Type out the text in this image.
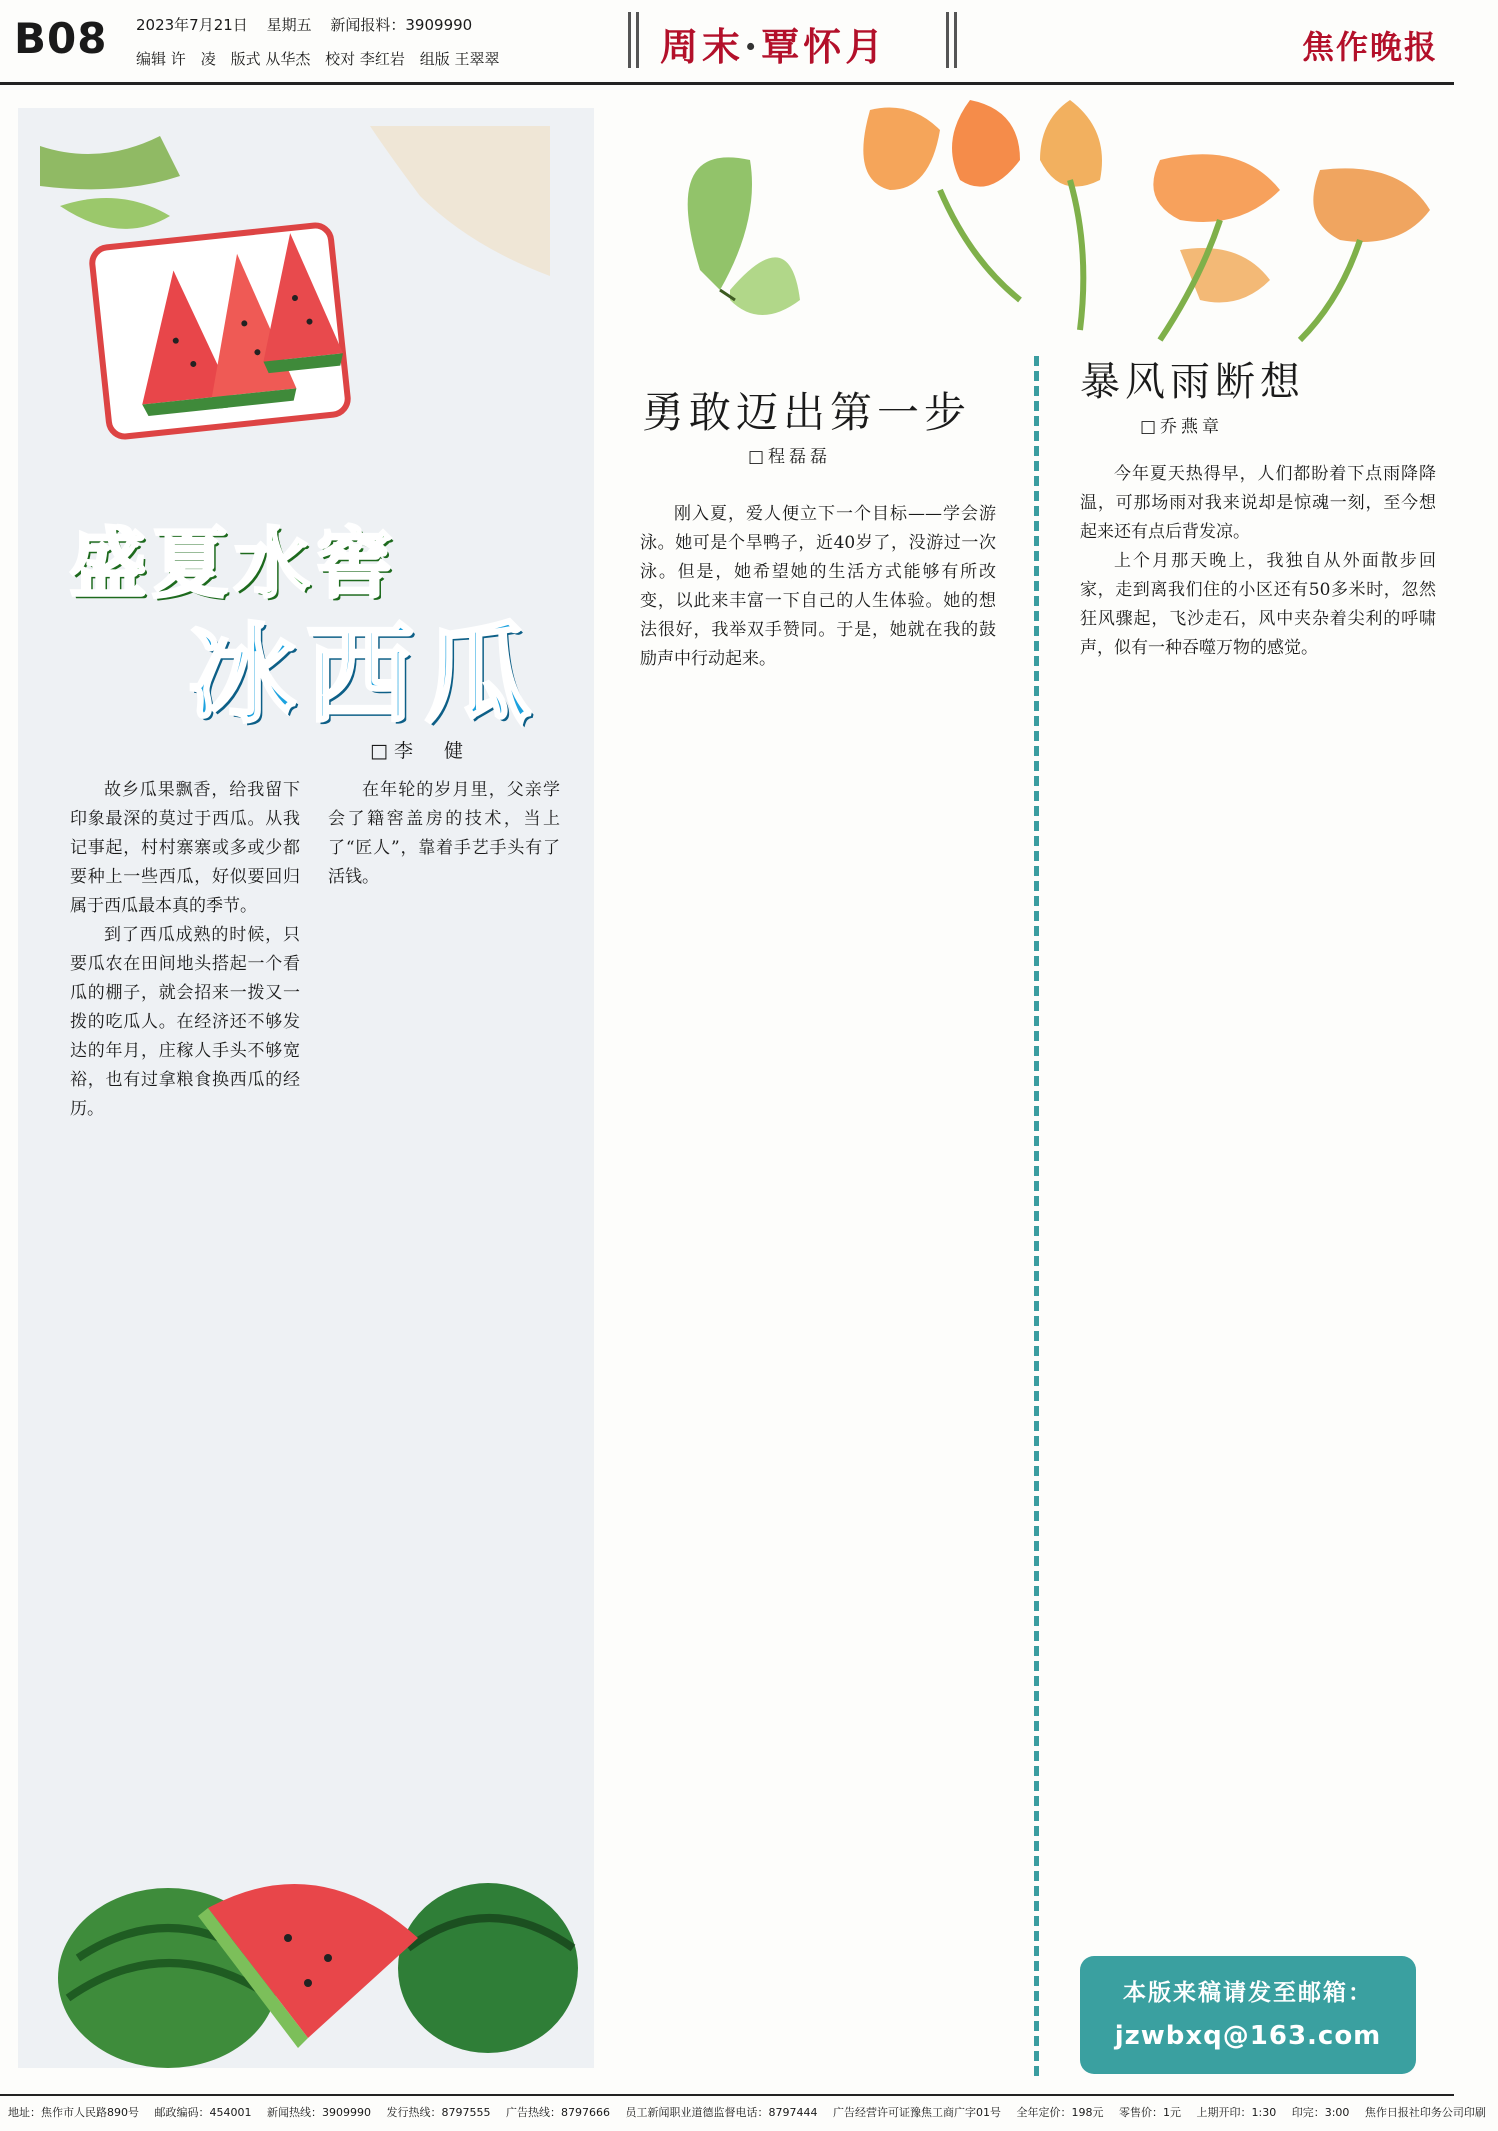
B08 2023年7月21日 星期五 新闻报料：3909990
编辑 许　凌 版式 从华杰 校对 李红岩 组版 王翠翠	周末·覃怀月	焦作晚报
盛夏水窖
冰西瓜
□李　健

故乡瓜果飘香，给我留下印象最深的莫过于西瓜。从我记事起，村村寨寨或多或少都要种上一些西瓜，好似要回归属于西瓜最本真的季节。

到了西瓜成熟的时候，只要瓜农在田间地头搭起一个看瓜的棚子，就会招来一拨又一拨的吃瓜人。在经济还不够发达的年月，庄稼人手头不够宽裕，也有过拿粮食换西瓜的经历。

在年轮的岁月里，父亲学会了籍窖盖房的技术，当上了“匠人”，靠着手艺手头有了活钱。

勇敢迈出第一步
□程磊磊

刚入夏，爱人便立下一个目标——学会游泳。她可是个旱鸭子，近40岁了，没游过一次泳。但是，她希望她的生活方式能够有所改变，以此来丰富一下自己的人生体验。她的想法很好，我举双手赞同。于是，她就在我的鼓励声中行动起来。

暴风雨断想
□乔燕章

今年夏天热得早，人们都盼着下点雨降降温，可那场雨对我来说却是惊魂一刻，至今想起来还有点后背发凉。

上个月那天晚上，我独自从外面散步回家，走到离我们住的小区还有50多米时，忽然狂风骤起，飞沙走石，风中夹杂着尖利的呼啸声，似有一种吞噬万物的感觉。

本版来稿请发至邮箱：
jzwbxq@163.com
地址：焦作市人民路890号 邮政编码：454001 新闻热线：3909990 发行热线：8797555 广告热线：8797666 员工新闻职业道德监督电话：8797444 广告经营许可证豫焦工商广字01号 全年定价：198元 零售价：1元 上期开印：1:30 印完：3:00 焦作日报社印务公司印刷
